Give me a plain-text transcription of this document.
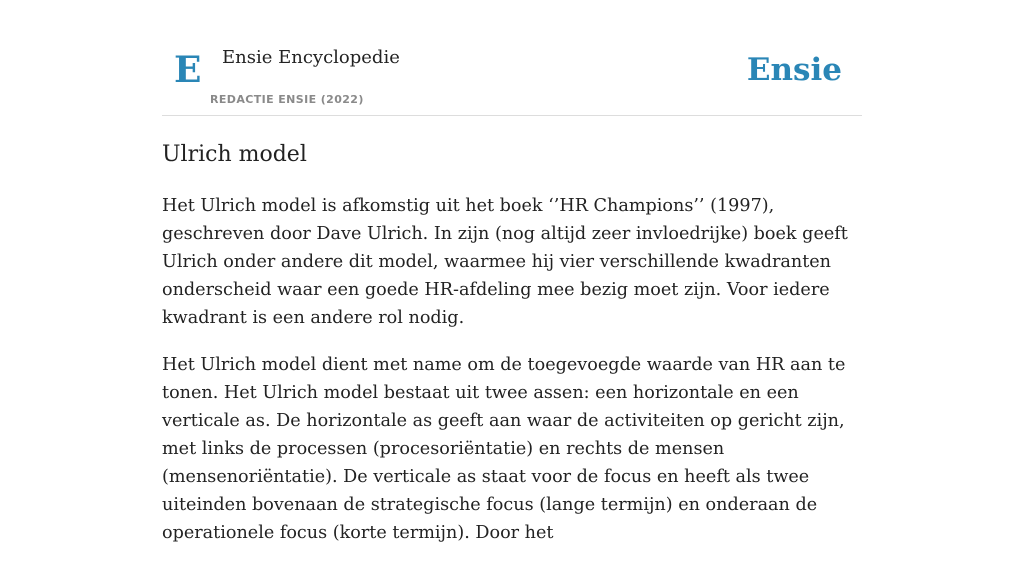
E Ensie Encyclopedie
REDACTIE ENSIE (2022)
Ensie
Ulrich model

Het Ulrich model is afkomstig uit het boek ‘’HR Champions’’ (1997), geschreven door Dave Ulrich. In zijn (nog altijd zeer invloedrijke) boek geeft Ulrich onder andere dit model, waarmee hij vier verschillende kwadranten onderscheid waar een goede HR-afdeling mee bezig moet zijn. Voor iedere kwadrant is een andere rol nodig.

Het Ulrich model dient met name om de toegevoegde waarde van HR aan te tonen. Het Ulrich model bestaat uit twee assen: een horizontale en een verticale as. De horizontale as geeft aan waar de activiteiten op gericht zijn, met links de processen (procesoriëntatie) en rechts de mensen (mensenoriëntatie). De verticale as staat voor de focus en heeft als twee uiteinden bovenaan de strategische focus (lange termijn) en onderaan de operationele focus (korte termijn). Door het
